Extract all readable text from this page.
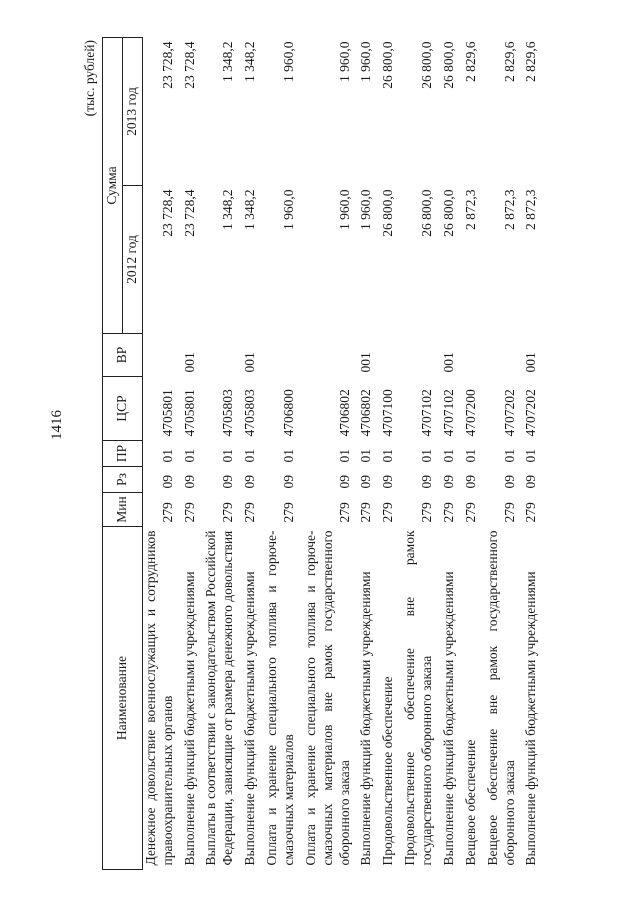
1416
(тыс. рублей)
Наименование	Мин	Рз	ПР	ЦСР	ВР	Сумма	
						2012 год	2013 год
Денежное довольствие военнослужащих и сотрудников правоохранительных органов	279	09	01	4705801		23 728,4	23 728,4
Выполнение функций бюджетными учреждениями	279	09	01	4705801	001	23 728,4	23 728,4
Выплаты в соответствии с законодательством Российской Федерации, зависящие от размера денежного довольствия	279	09	01	4705803		1 348,2	1 348,2
Выполнение функций бюджетными учреждениями	279	09	01	4705803	001	1 348,2	1 348,2
Оплата и хранение специального топлива и горюче-смазочных материалов	279	09	01	4706800		1 960,0	1 960,0
Оплата и хранение специального топлива и горюче-смазочных материалов вне рамок государственного оборонного заказа	279	09	01	4706802		1 960,0	1 960,0
Выполнение функций бюджетными учреждениями	279	09	01	4706802	001	1 960,0	1 960,0
Продовольственное обеспечение	279	09	01	4707100		26 800,0	26 800,0
Продовольственное обеспечение вне рамок государственного оборонного заказа	279	09	01	4707102		26 800,0	26 800,0
Выполнение функций бюджетными учреждениями	279	09	01	4707102	001	26 800,0	26 800,0
Вещевое обеспечение	279	09	01	4707200		2 872,3	2 829,6
Вещевое обеспечение вне рамок государственного оборонного заказа	279	09	01	4707202		2 872,3	2 829,6
Выполнение функций бюджетными учреждениями	279	09	01	4707202	001	2 872,3	2 829,6
